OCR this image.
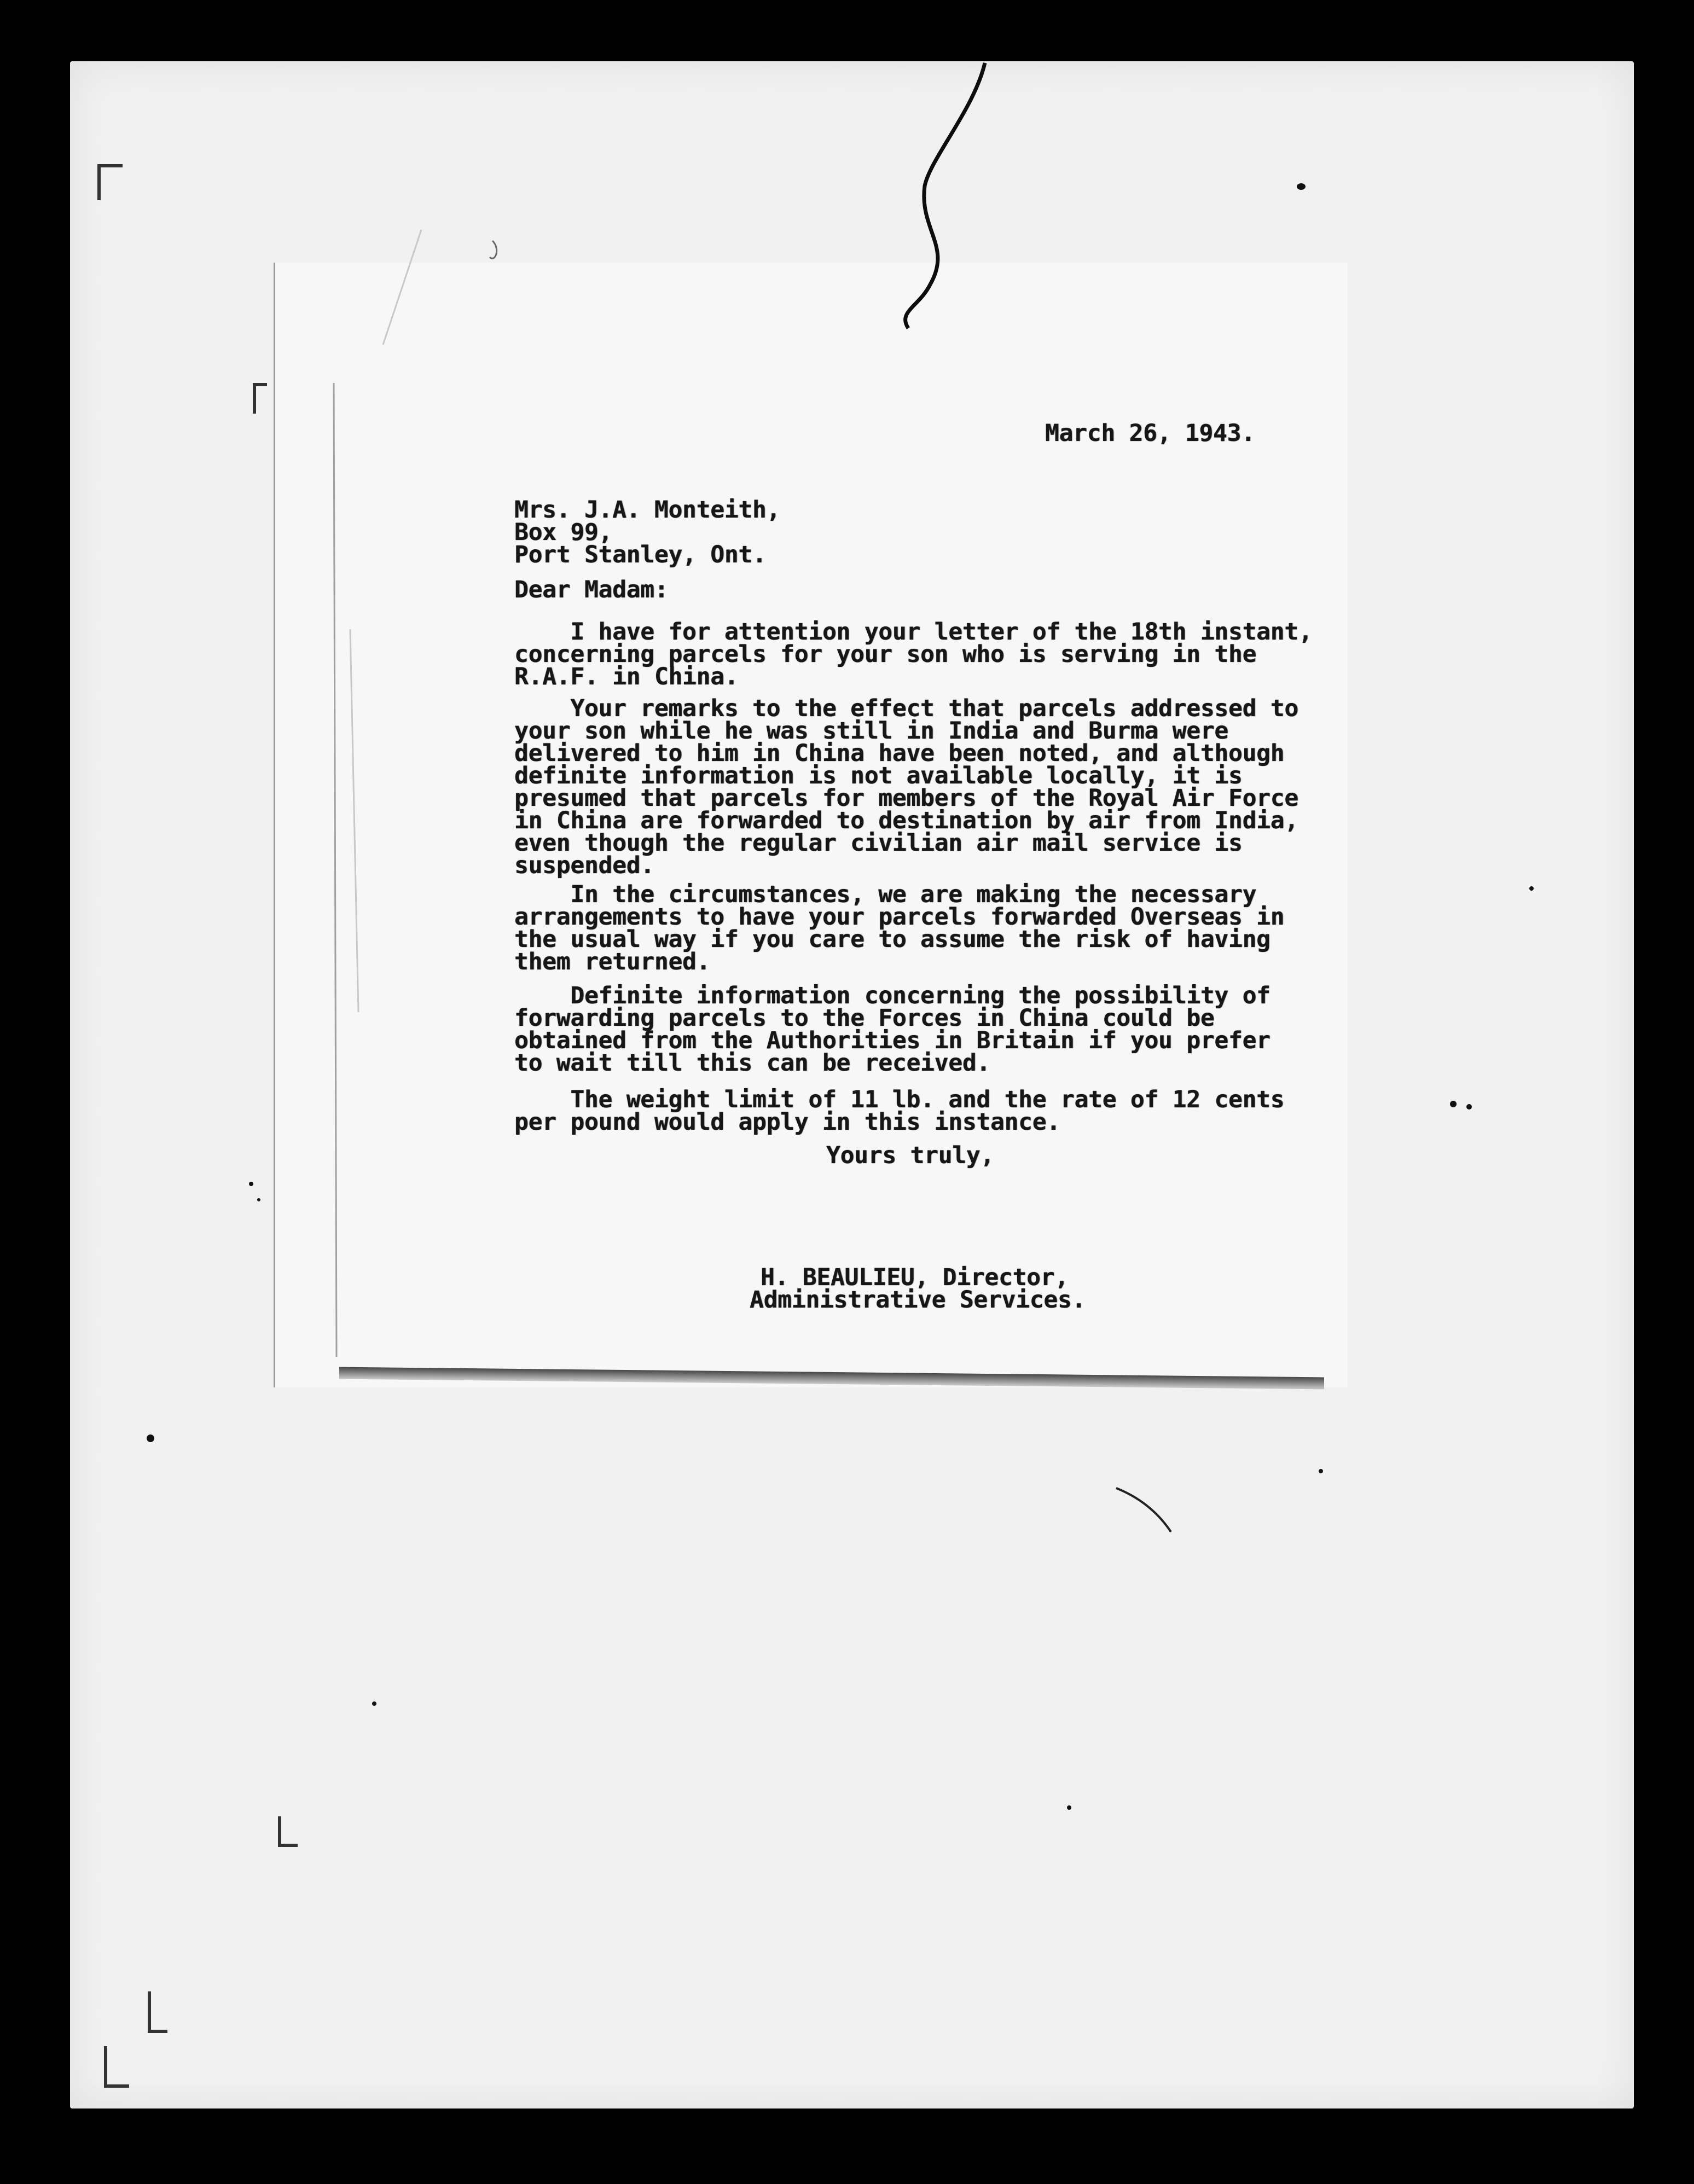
March 26, 1943.
Mrs. J.A. Monteith,
Box 99,
Port Stanley, Ont.
Dear Madam:
I have for attention your letter of the 18th instant,
concerning parcels for your son who is serving in the
R.A.F. in China.
Your remarks to the effect that parcels addressed to
your son while he was still in India and Burma were
delivered to him in China have been noted, and although
definite information is not available locally, it is
presumed that parcels for members of the Royal Air Force
in China are forwarded to destination by air from India,
even though the regular civilian air mail service is
suspended.
In the circumstances, we are making the necessary
arrangements to have your parcels forwarded Overseas in
the usual way if you care to assume the risk of having
them returned.
Definite information concerning the possibility of
forwarding parcels to the Forces in China could be
obtained from the Authorities in Britain if you prefer
to wait till this can be received.
The weight limit of 11 lb. and the rate of 12 cents
per pound would apply in this instance.
Yours truly,
H. BEAULIEU, Director,
Administrative Services.
